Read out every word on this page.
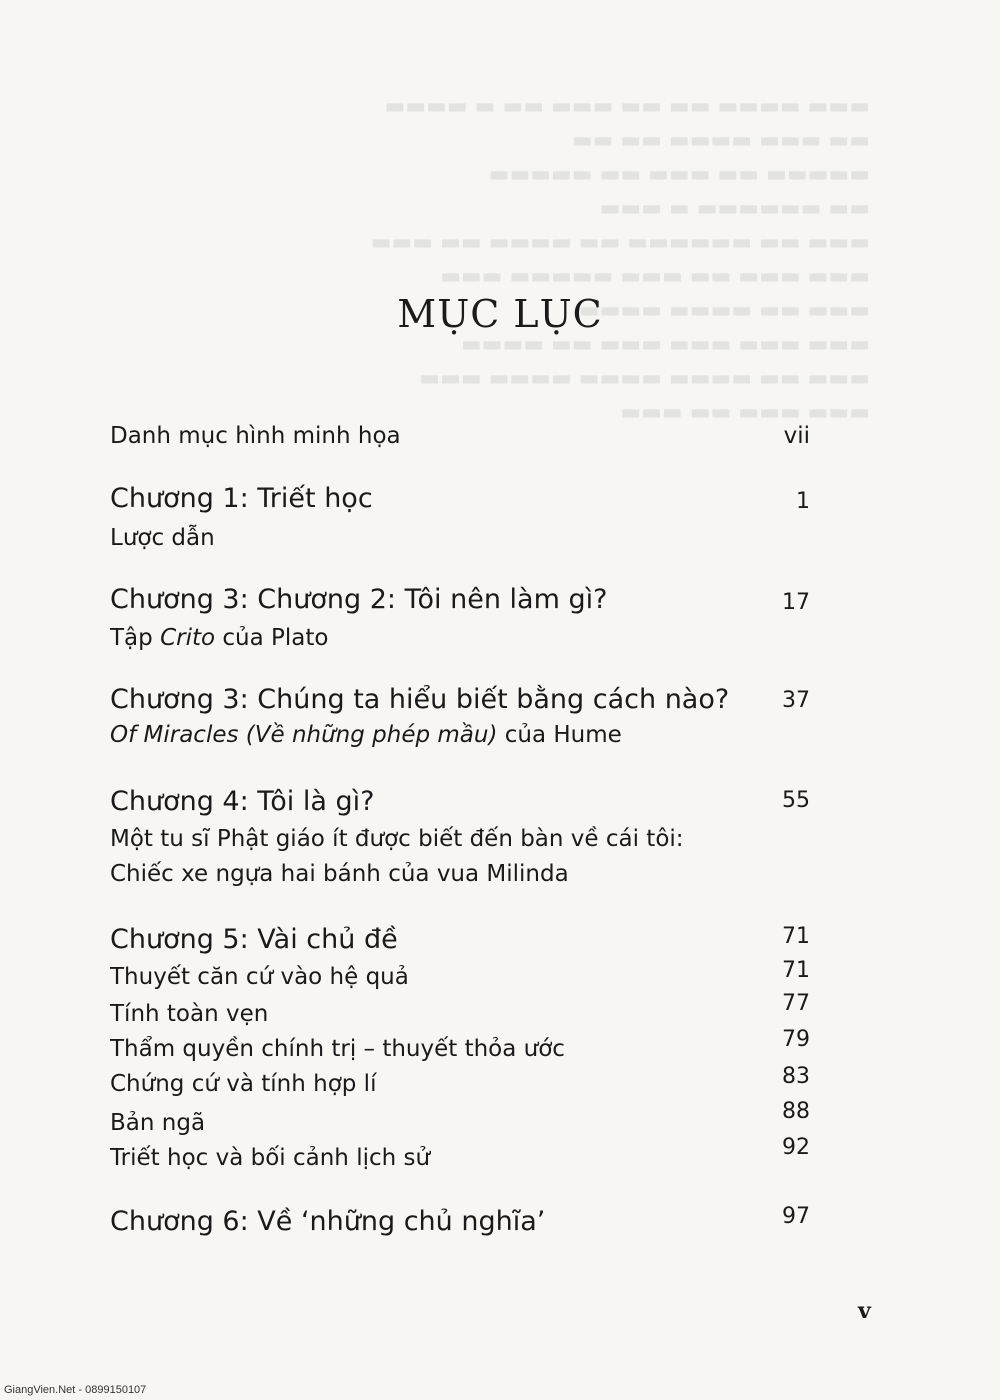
▬▬▬▬ ▬ ▬▬ ▬▬▬ ▬▬ ▬▬ ▬▬▬▬ ▬▬▬
▬▬ ▬▬ ▬▬▬▬ ▬▬▬ ▬▬
▬▬▬▬▬ ▬▬ ▬▬▬ ▬▬ ▬▬▬▬▬
▬▬▬ ▬ ▬▬▬▬▬▬ ▬▬
▬▬▬ ▬▬ ▬▬▬▬ ▬▬ ▬▬▬▬▬▬ ▬▬ ▬▬▬
▬▬▬ ▬▬▬▬▬ ▬▬▬ ▬▬ ▬▬▬ ▬▬▬
▬▬▬▬ ▬▬▬▬ ▬▬ ▬▬▬
▬▬▬▬ ▬▬ ▬▬▬ ▬▬▬ ▬▬▬ ▬▬▬
▬▬▬ ▬▬▬▬ ▬▬▬▬ ▬▬▬▬ ▬▬ ▬▬▬
▬▬▬ ▬▬ ▬▬▬ ▬▬▬
MỤC LỤC
Danh mục hình minh họa	vii
Chương 1: Triết học	1
Lược dẫn
Chương 3: Chương 2: Tôi nên làm gì?	17
Tập Crito của Plato
Chương 3: Chúng ta hiểu biết bằng cách nào? 37
Of Miracles (Về những phép mầu) của Hume
Chương 4: Tôi là gì?	55
Một tu sĩ Phật giáo ít được biết đến bàn về cái tôi:
Chiếc xe ngựa hai bánh của vua Milinda
Chương 5: Vài chủ đề	71
Thuyết căn cứ vào hệ quả	71
Tính toàn vẹn	77
Thẩm quyền chính trị – thuyết thỏa ước	79
Chứng cứ và tính hợp lí	83
Bản ngã	88
Triết học và bối cảnh lịch sử	92
Chương 6: Về ‘những chủ nghĩa’	97
v
GiangVien.Net - 0899150107
